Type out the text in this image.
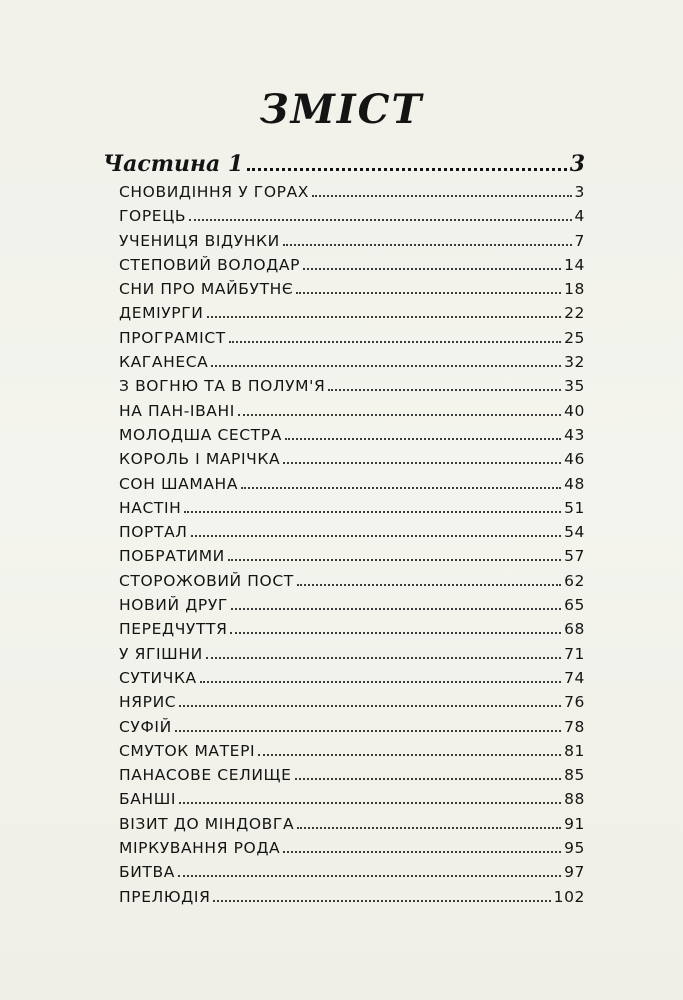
ЗМІСТ
Частина 1	3
СНОВИДІННЯ У ГОРАХ	3
ГОРЕЦЬ	4
УЧЕНИЦЯ ВІДУНКИ	7
СТЕПОВИЙ ВОЛОДАР	14
СНИ ПРО МАЙБУТНЄ	18
ДЕМІУРГИ	22
ПРОГРАМІСТ	25
КАГАНЕСА	32
З ВОГНЮ ТА В ПОЛУМ'Я	35
НА ПАН-ІВАНІ	40
МОЛОДША СЕСТРА	43
КОРОЛЬ І МАРІЧКА	46
СОН ШАМАНА	48
НАСТІН	51
ПОРТАЛ	54
ПОБРАТИМИ	57
СТОРОЖОВИЙ ПОСТ	62
НОВИЙ ДРУГ	65
ПЕРЕДЧУТТЯ	68
У ЯГІШНИ	71
СУТИЧКА	74
НЯРИС	76
СУФІЙ	78
СМУТОК МАТЕРІ	81
ПАНАСОВЕ СЕЛИЩЕ	85
БАНШІ	88
ВІЗИТ ДО МІНДОВГА	91
МІРКУВАННЯ РОДА	95
БИТВА	97
ПРЕЛЮДІЯ	102
